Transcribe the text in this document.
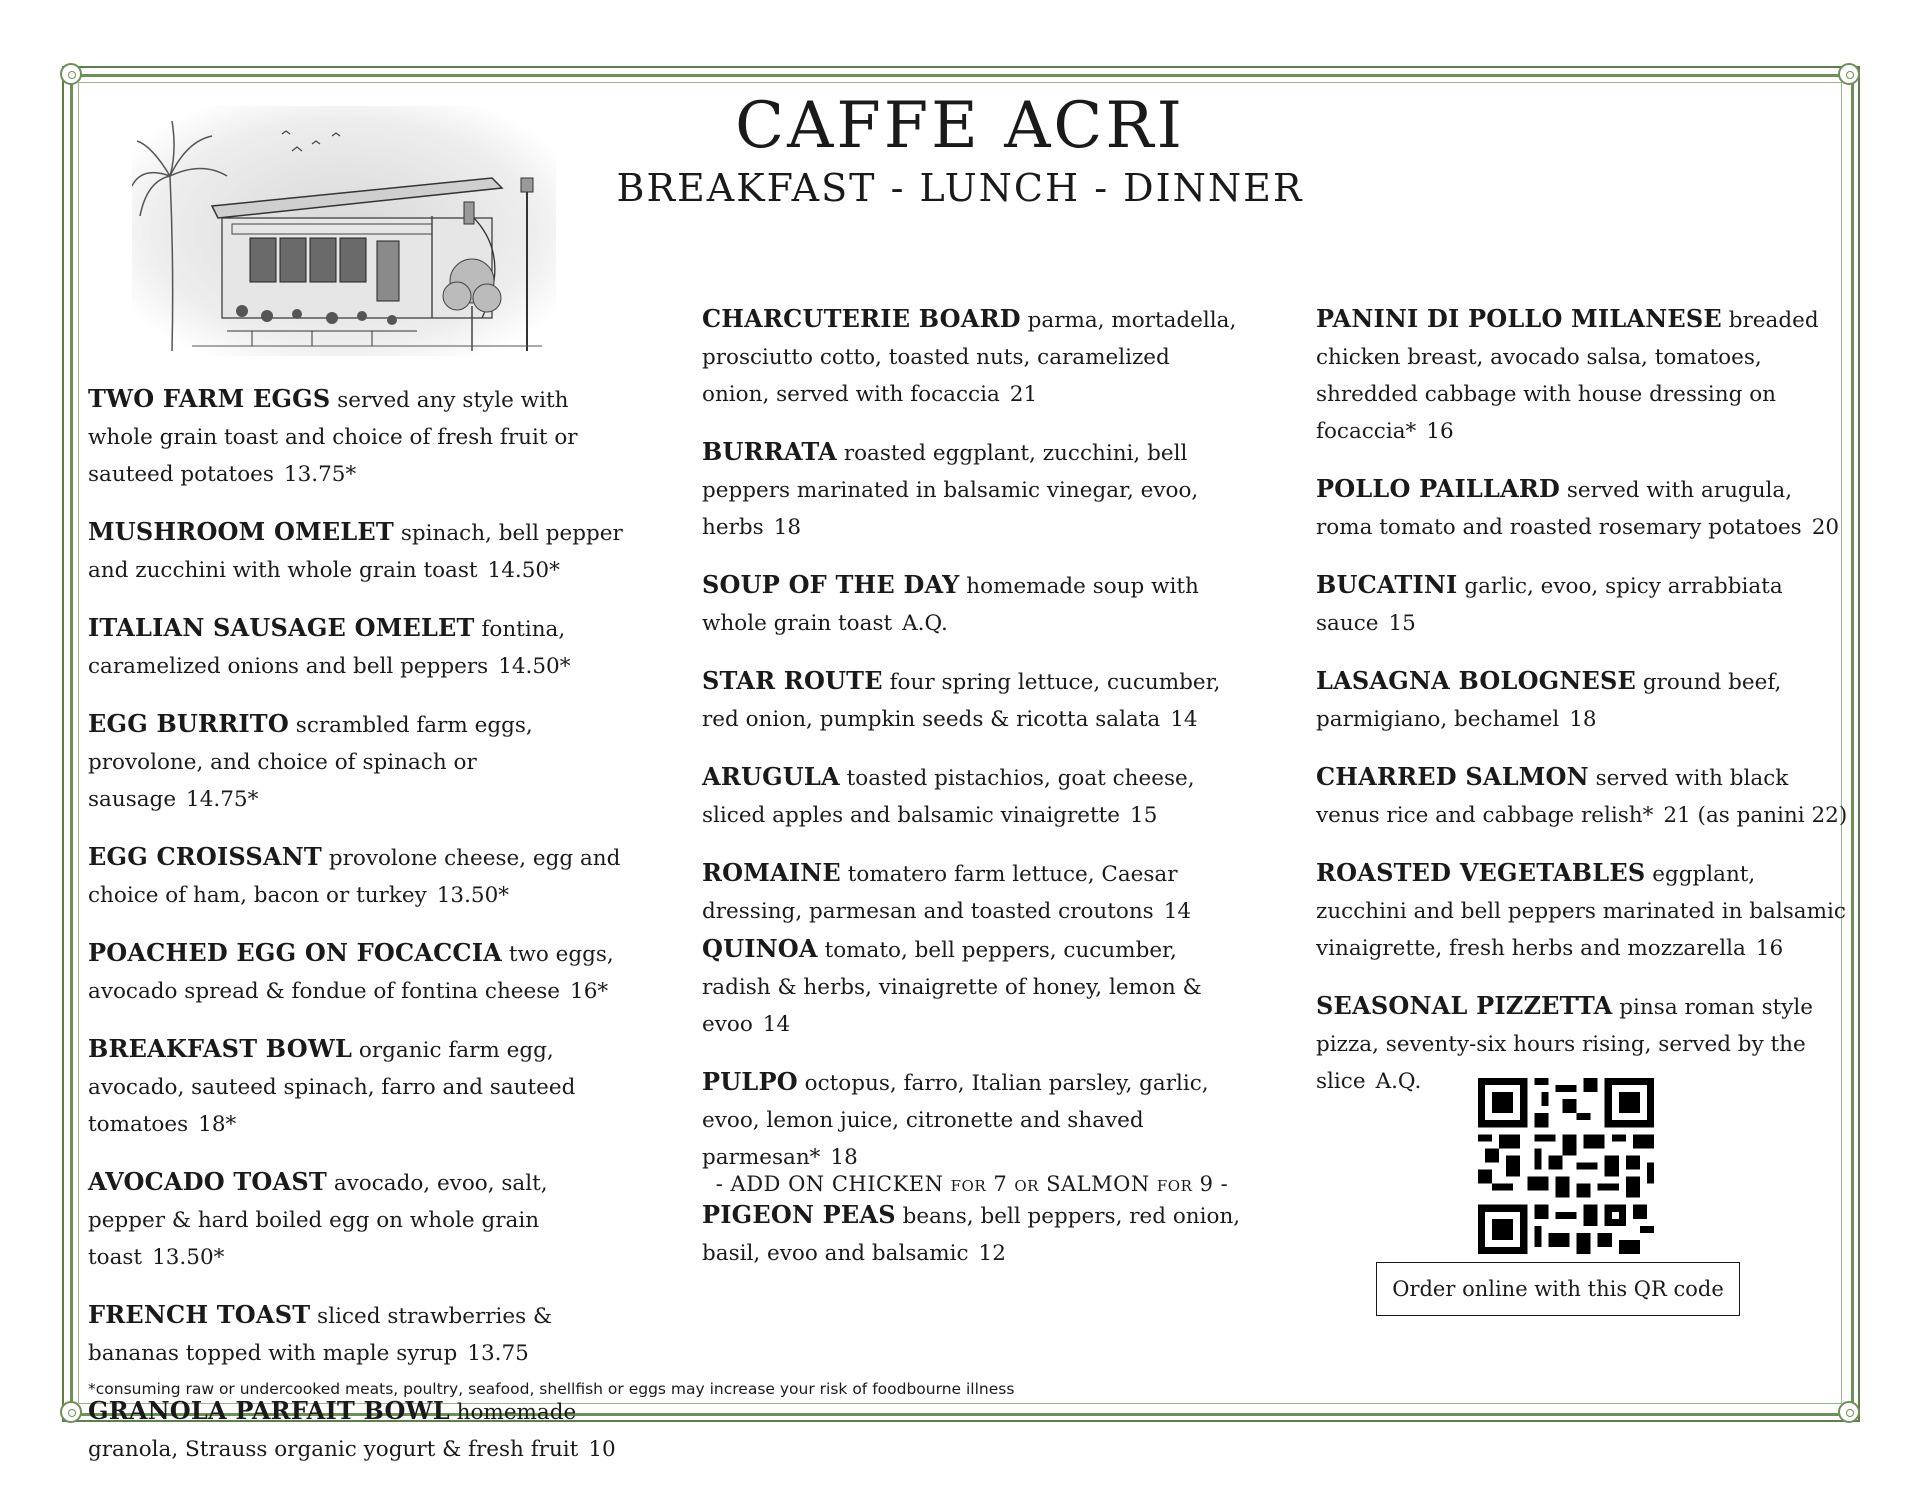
CAFFE ACRI

BREAKFAST - LUNCH - DINNER

TWO FARM EGGS served any style with whole grain toast and choice of fresh fruit or sauteed potatoes 13.75*

MUSHROOM OMELET spinach, bell pepper and zucchini with whole grain toast 14.50*

ITALIAN SAUSAGE OMELET fontina, caramelized onions and bell peppers 14.50*

EGG BURRITO scrambled farm eggs, provolone, and choice of spinach or sausage 14.75*

EGG CROISSANT provolone cheese, egg and choice of ham, bacon or turkey 13.50*

POACHED EGG ON FOCACCIA two eggs, avocado spread & fondue of fontina cheese 16*

BREAKFAST BOWL organic farm egg, avocado, sauteed spinach, farro and sauteed tomatoes 18*

AVOCADO TOAST avocado, evoo, salt, pepper & hard boiled egg on whole grain toast 13.50*

FRENCH TOAST sliced strawberries & bananas topped with maple syrup 13.75

GRANOLA PARFAIT BOWL homemade granola, Strauss organic yogurt & fresh fruit 10

CHARCUTERIE BOARD parma, mortadella, prosciutto cotto, toasted nuts, caramelized onion, served with focaccia 21

BURRATA roasted eggplant, zucchini, bell peppers marinated in balsamic vinegar, evoo, herbs 18

SOUP OF THE DAY homemade soup with whole grain toast A.Q.

STAR ROUTE four spring lettuce, cucumber, red onion, pumpkin seeds & ricotta salata 14

ARUGULA toasted pistachios, goat cheese, sliced apples and balsamic vinaigrette 15

ROMAINE tomatero farm lettuce, Caesar dressing, parmesan and toasted croutons 14

QUINOA tomato, bell peppers, cucumber, radish & herbs, vinaigrette of honey, lemon & evoo 14

PULPO octopus, farro, Italian parsley, garlic, evoo, lemon juice, citronette and shaved parmesan* 18

PIGEON PEAS beans, bell peppers, red onion, basil, evoo and balsamic 12

- ADD ON CHICKEN for 7 or SALMON for 9 -

PANINI DI POLLO MILANESE breaded chicken breast, avocado salsa, tomatoes, shredded cabbage with house dressing on focaccia* 16

POLLO PAILLARD served with arugula, roma tomato and roasted rosemary potatoes 20

BUCATINI garlic, evoo, spicy arrabbiata sauce 15

LASAGNA BOLOGNESE ground beef, parmigiano, bechamel 18

CHARRED SALMON served with black venus rice and cabbage relish* 21 (as panini 22)

ROASTED VEGETABLES eggplant, zucchini and bell peppers marinated in balsamic vinaigrette, fresh herbs and mozzarella 16

SEASONAL PIZZETTA pinsa roman style pizza, seventy-six hours rising, served by the slice A.Q.

Order online with this QR code
*consuming raw or undercooked meats, poultry, seafood, shellfish or eggs may increase your risk of foodbourne illness
